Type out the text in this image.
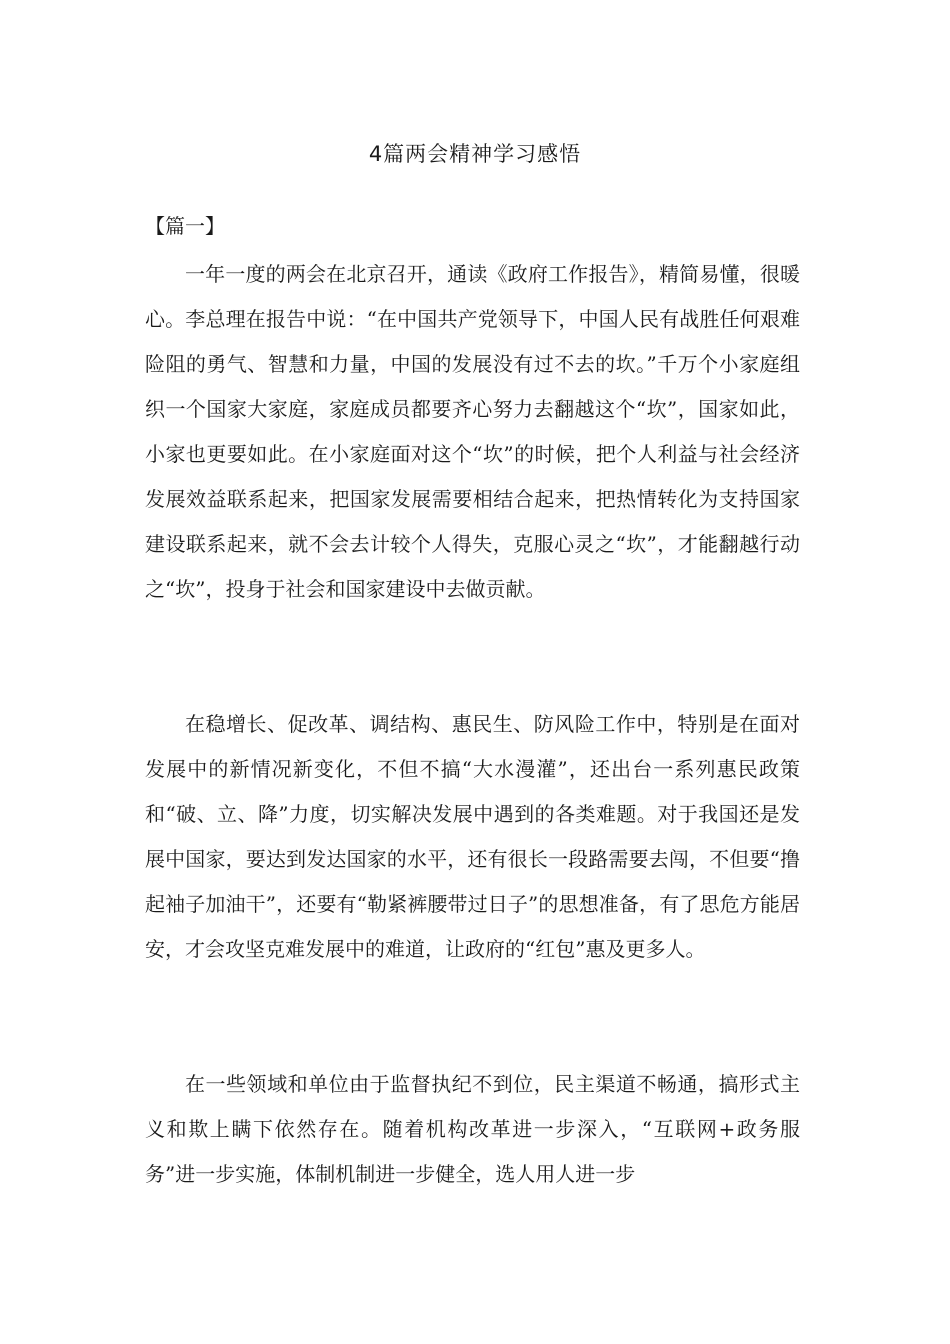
4篇两会精神学习感悟
【篇一】

一年一度的两会在北京召开，通读《政府工作报告》，精简易懂，很暖心。李总理在报告中说：“在中国共产党领导下，中国人民有战胜任何艰难险阻的勇气、智慧和力量，中国的发展没有过不去的坎。”千万个小家庭组织一个国家大家庭，家庭成员都要齐心努力去翻越这个“坎”，国家如此，小家也更要如此。在小家庭面对这个“坎”的时候，把个人利益与社会经济发展效益联系起来，把国家发展需要相结合起来，把热情转化为支持国家建设联系起来，就不会去计较个人得失，克服心灵之“坎”，才能翻越行动之“坎”，投身于社会和国家建设中去做贡献。

在稳增长、促改革、调结构、惠民生、防风险工作中，特别是在面对发展中的新情况新变化，不但不搞“大水漫灌”，还出台一系列惠民政策和“破、立、降”力度，切实解决发展中遇到的各类难题。对于我国还是发展中国家，要达到发达国家的水平，还有很长一段路需要去闯，不但要“撸起袖子加油干”，还要有“勒紧裤腰带过日子”的思想准备，有了思危方能居安，才会攻坚克难发展中的难道，让政府的“红包”惠及更多人。

在一些领域和单位由于监督执纪不到位，民主渠道不畅通，搞形式主义和欺上瞒下依然存在。随着机构改革进一步深入，“互联网+政务服务”进一步实施，体制机制进一步健全，选人用人进一步
